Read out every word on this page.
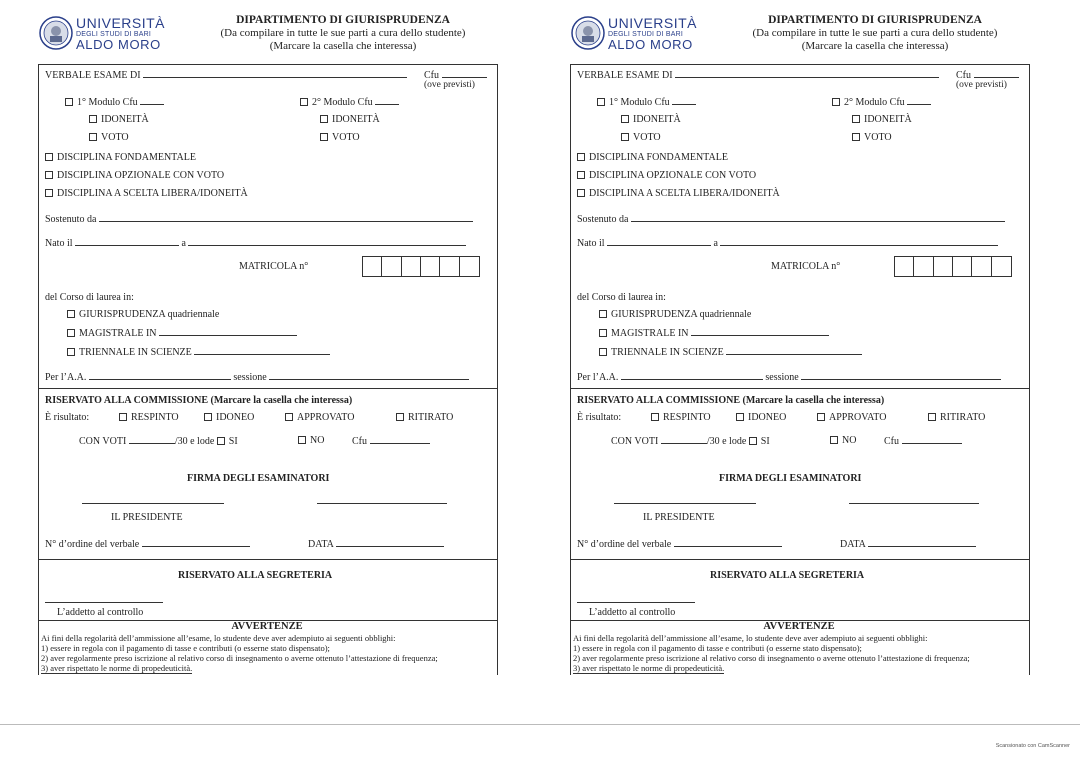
UNIVERSITÀ
DEGLI STUDI DI BARI
ALDO MORO
DIPARTIMENTO DI GIURISPRUDENZA
(Da compilare in tutte le sue parti a cura dello studente)
(Marcare la casella che interessa)
VERBALE ESAME DI	Cfu
(ove previsti)
1° Modulo Cfu	2° Modulo Cfu
IDONEITÀ	IDONEITÀ
VOTO	VOTO
DISCIPLINA FONDAMENTALE
DISCIPLINA OPZIONALE CON VOTO
DISCIPLINA A SCELTA LIBERA/IDONEITÀ
Sostenuto da
Nato il	a
MATRICOLA n°
del Corso di laurea in:
GIURISPRUDENZA quadriennale
MAGISTRALE IN
TRIENNALE IN SCIENZE
Per l’A.A.	sessione
RISERVATO ALLA COMMISSIONE (Marcare la casella che interessa)
È risultato:	RESPINTO	IDONEO	APPROVATO	RITIRATO
CON VOTI	/30 e lode SI	NO	Cfu
FIRMA DEGLI ESAMINATORI
IL PRESIDENTE
N° d’ordine del verbale	DATA
RISERVATO ALLA SEGRETERIA
L’addetto al controllo
AVVERTENZE
Ai fini della regolarità dell’ammissione all’esame, lo studente deve aver adempiuto ai seguenti obblighi:
1) essere in regola con il pagamento di tasse e contributi (o esserne stato dispensato);
2) aver regolarmente preso iscrizione al relativo corso di insegnamento o averne ottenuto l’attestazione di frequenza;
3) aver rispettato le norme di propedeuticità.
UNIVERSITÀ
DEGLI STUDI DI BARI
ALDO MORO
DIPARTIMENTO DI GIURISPRUDENZA
(Da compilare in tutte le sue parti a cura dello studente)
(Marcare la casella che interessa)
VERBALE ESAME DI	Cfu
(ove previsti)
1° Modulo Cfu	2° Modulo Cfu
IDONEITÀ	IDONEITÀ
VOTO	VOTO
DISCIPLINA FONDAMENTALE
DISCIPLINA OPZIONALE CON VOTO
DISCIPLINA A SCELTA LIBERA/IDONEITÀ
Sostenuto da
Nato il	a
MATRICOLA n°
del Corso di laurea in:
GIURISPRUDENZA quadriennale
MAGISTRALE IN
TRIENNALE IN SCIENZE
Per l’A.A.	sessione
RISERVATO ALLA COMMISSIONE (Marcare la casella che interessa)
È risultato:	RESPINTO	IDONEO	APPROVATO	RITIRATO
CON VOTI	/30 e lode SI	NO	Cfu
FIRMA DEGLI ESAMINATORI
IL PRESIDENTE
N° d’ordine del verbale	DATA
RISERVATO ALLA SEGRETERIA
L’addetto al controllo
AVVERTENZE
Ai fini della regolarità dell’ammissione all’esame, lo studente deve aver adempiuto ai seguenti obblighi:
1) essere in regola con il pagamento di tasse e contributi (o esserne stato dispensato);
2) aver regolarmente preso iscrizione al relativo corso di insegnamento o averne ottenuto l’attestazione di frequenza;
3) aver rispettato le norme di propedeuticità.
Scansionato con CamScanner
